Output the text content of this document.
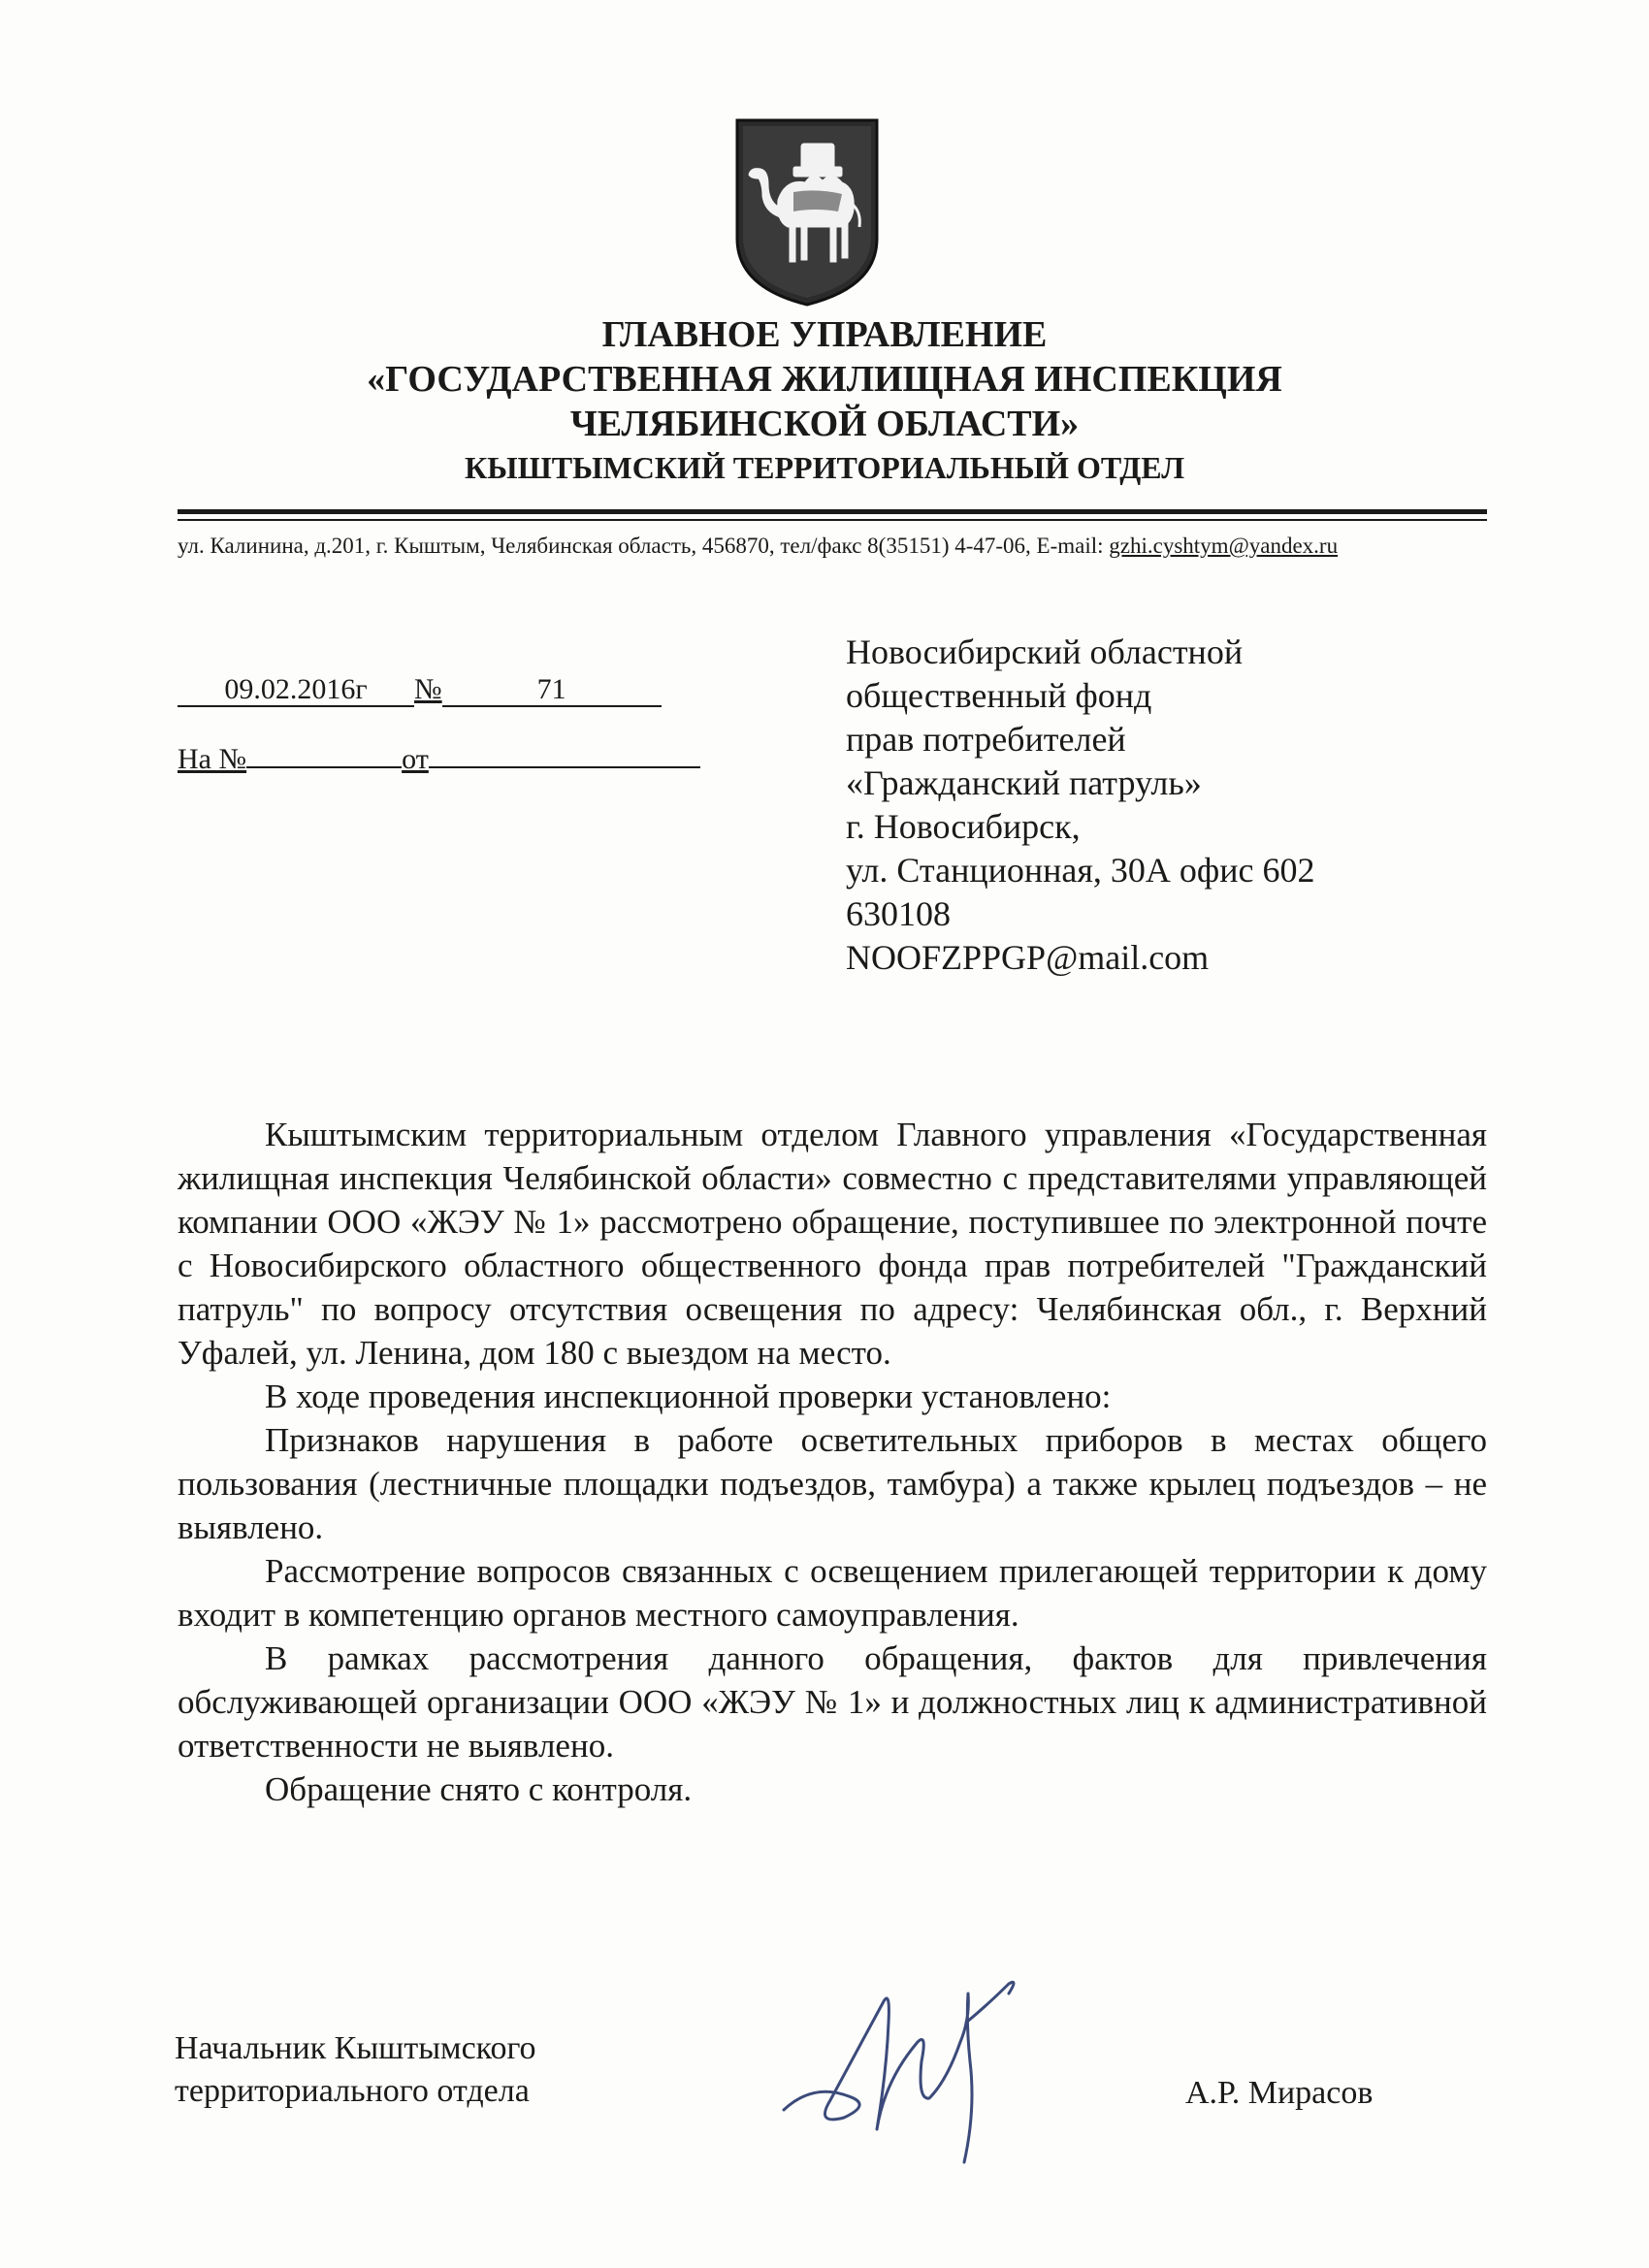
ГЛАВНОЕ УПРАВЛЕНИЕ
«ГОСУДАРСТВЕННАЯ ЖИЛИЩНАЯ ИНСПЕКЦИЯ
ЧЕЛЯБИНСКОЙ ОБЛАСТИ»
КЫШТЫМСКИЙ ТЕРРИТОРИАЛЬНЫЙ ОТДЕЛ
ул. Калинина, д.201, г. Кыштым, Челябинская область, 456870, тел/факс 8(35151) 4-47-06, E-mail: gzhi.cyshtym@yandex.ru
09.02.2016г №	71
На №	от
Новосибирский областной
общественный фонд
прав потребителей
«Гражданский патруль»
г. Новосибирск,
ул. Станционная, 30А офис 602
630108
NOOFZPPGP@mail.com

Кыштымским территориальным отделом Главного управления «Государственная жилищная инспекция Челябинской области» совместно с представителями управляющей компании ООО «ЖЭУ № 1» рассмотрено обращение, поступившее по электронной почте с Новосибирского областного общественного фонда прав потребителей "Гражданский патруль" по вопросу отсутствия освещения по адресу: Челябинская обл., г. Верхний Уфалей, ул. Ленина, дом 180 с выездом на место.

В ходе проведения инспекционной проверки установлено:

Признаков нарушения в работе осветительных приборов в местах общего пользования (лестничные площадки подъездов, тамбура) а также крылец подъездов – не выявлено.

Рассмотрение вопросов связанных с освещением прилегающей территории к дому входит в компетенцию органов местного самоуправления.

В рамках рассмотрения данного обращения, фактов для привлечения обслуживающей организации ООО «ЖЭУ № 1» и должностных лиц к административной ответственности не выявлено.

Обращение снято с контроля.

Начальник Кыштымского
территориального отдела	А.Р. Мирасов
